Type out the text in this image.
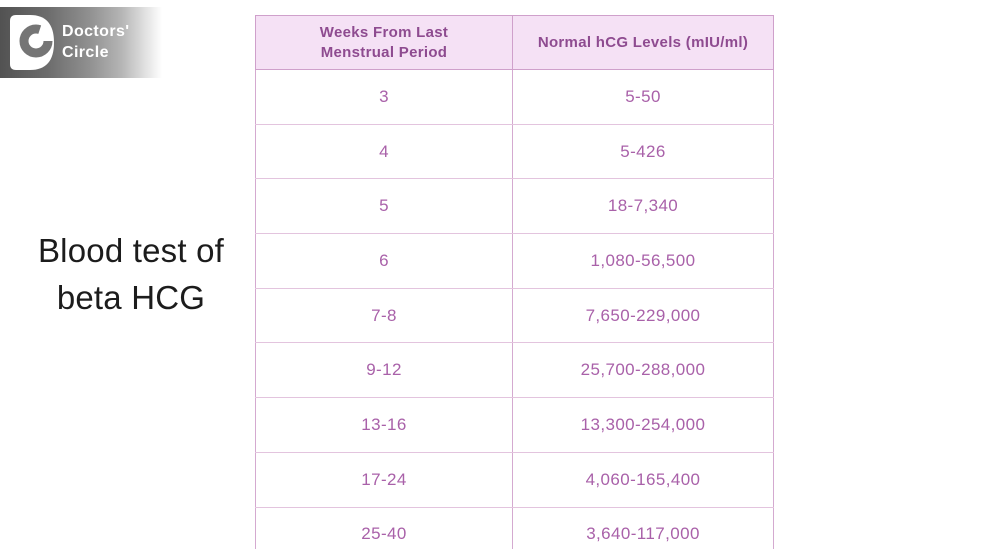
Doctors'
Circle
Blood test of
beta HCG
Weeks From Last Menstrual Period	Normal hCG Levels (mIU/ml)
3	5-50
4	5-426
5	18-7,340
6	1,080-56,500
7-8	7,650-229,000
9-12	25,700-288,000
13-16	13,300-254,000
17-24	4,060-165,400
25-40	3,640-117,000
